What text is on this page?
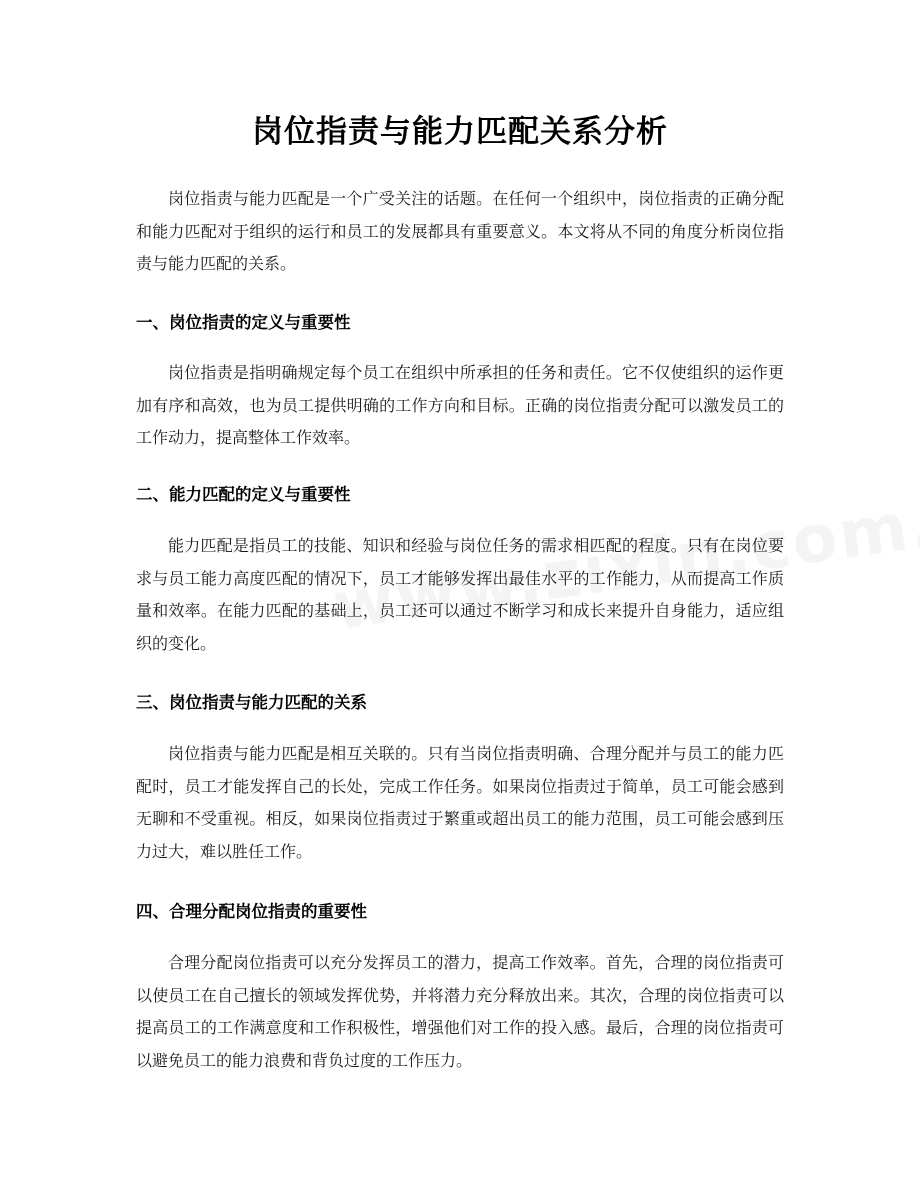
岗位指责与能力匹配关系分析

岗位指责与能力匹配是一个广受关注的话题。在任何一个组织中，岗位指责的正确分配和能力匹配对于组织的运行和员工的发展都具有重要意义。本文将从不同的角度分析岗位指责与能力匹配的关系。

一、岗位指责的定义与重要性

岗位指责是指明确规定每个员工在组织中所承担的任务和责任。它不仅使组织的运作更加有序和高效，也为员工提供明确的工作方向和目标。正确的岗位指责分配可以激发员工的工作动力，提高整体工作效率。

二、能力匹配的定义与重要性

能力匹配是指员工的技能、知识和经验与岗位任务的需求相匹配的程度。只有在岗位要求与员工能力高度匹配的情况下，员工才能够发挥出最佳水平的工作能力，从而提高工作质量和效率。在能力匹配的基础上，员工还可以通过不断学习和成长来提升自身能力，适应组织的变化。

三、岗位指责与能力匹配的关系

岗位指责与能力匹配是相互关联的。只有当岗位指责明确、合理分配并与员工的能力匹配时，员工才能发挥自己的长处，完成工作任务。如果岗位指责过于简单，员工可能会感到无聊和不受重视。相反，如果岗位指责过于繁重或超出员工的能力范围，员工可能会感到压力过大，难以胜任工作。

四、合理分配岗位指责的重要性

合理分配岗位指责可以充分发挥员工的潜力，提高工作效率。首先，合理的岗位指责可以使员工在自己擅长的领域发挥优势，并将潜力充分释放出来。其次，合理的岗位指责可以提高员工的工作满意度和工作积极性，增强他们对工作的投入感。最后，合理的岗位指责可以避免员工的能力浪费和背负过度的工作压力。
